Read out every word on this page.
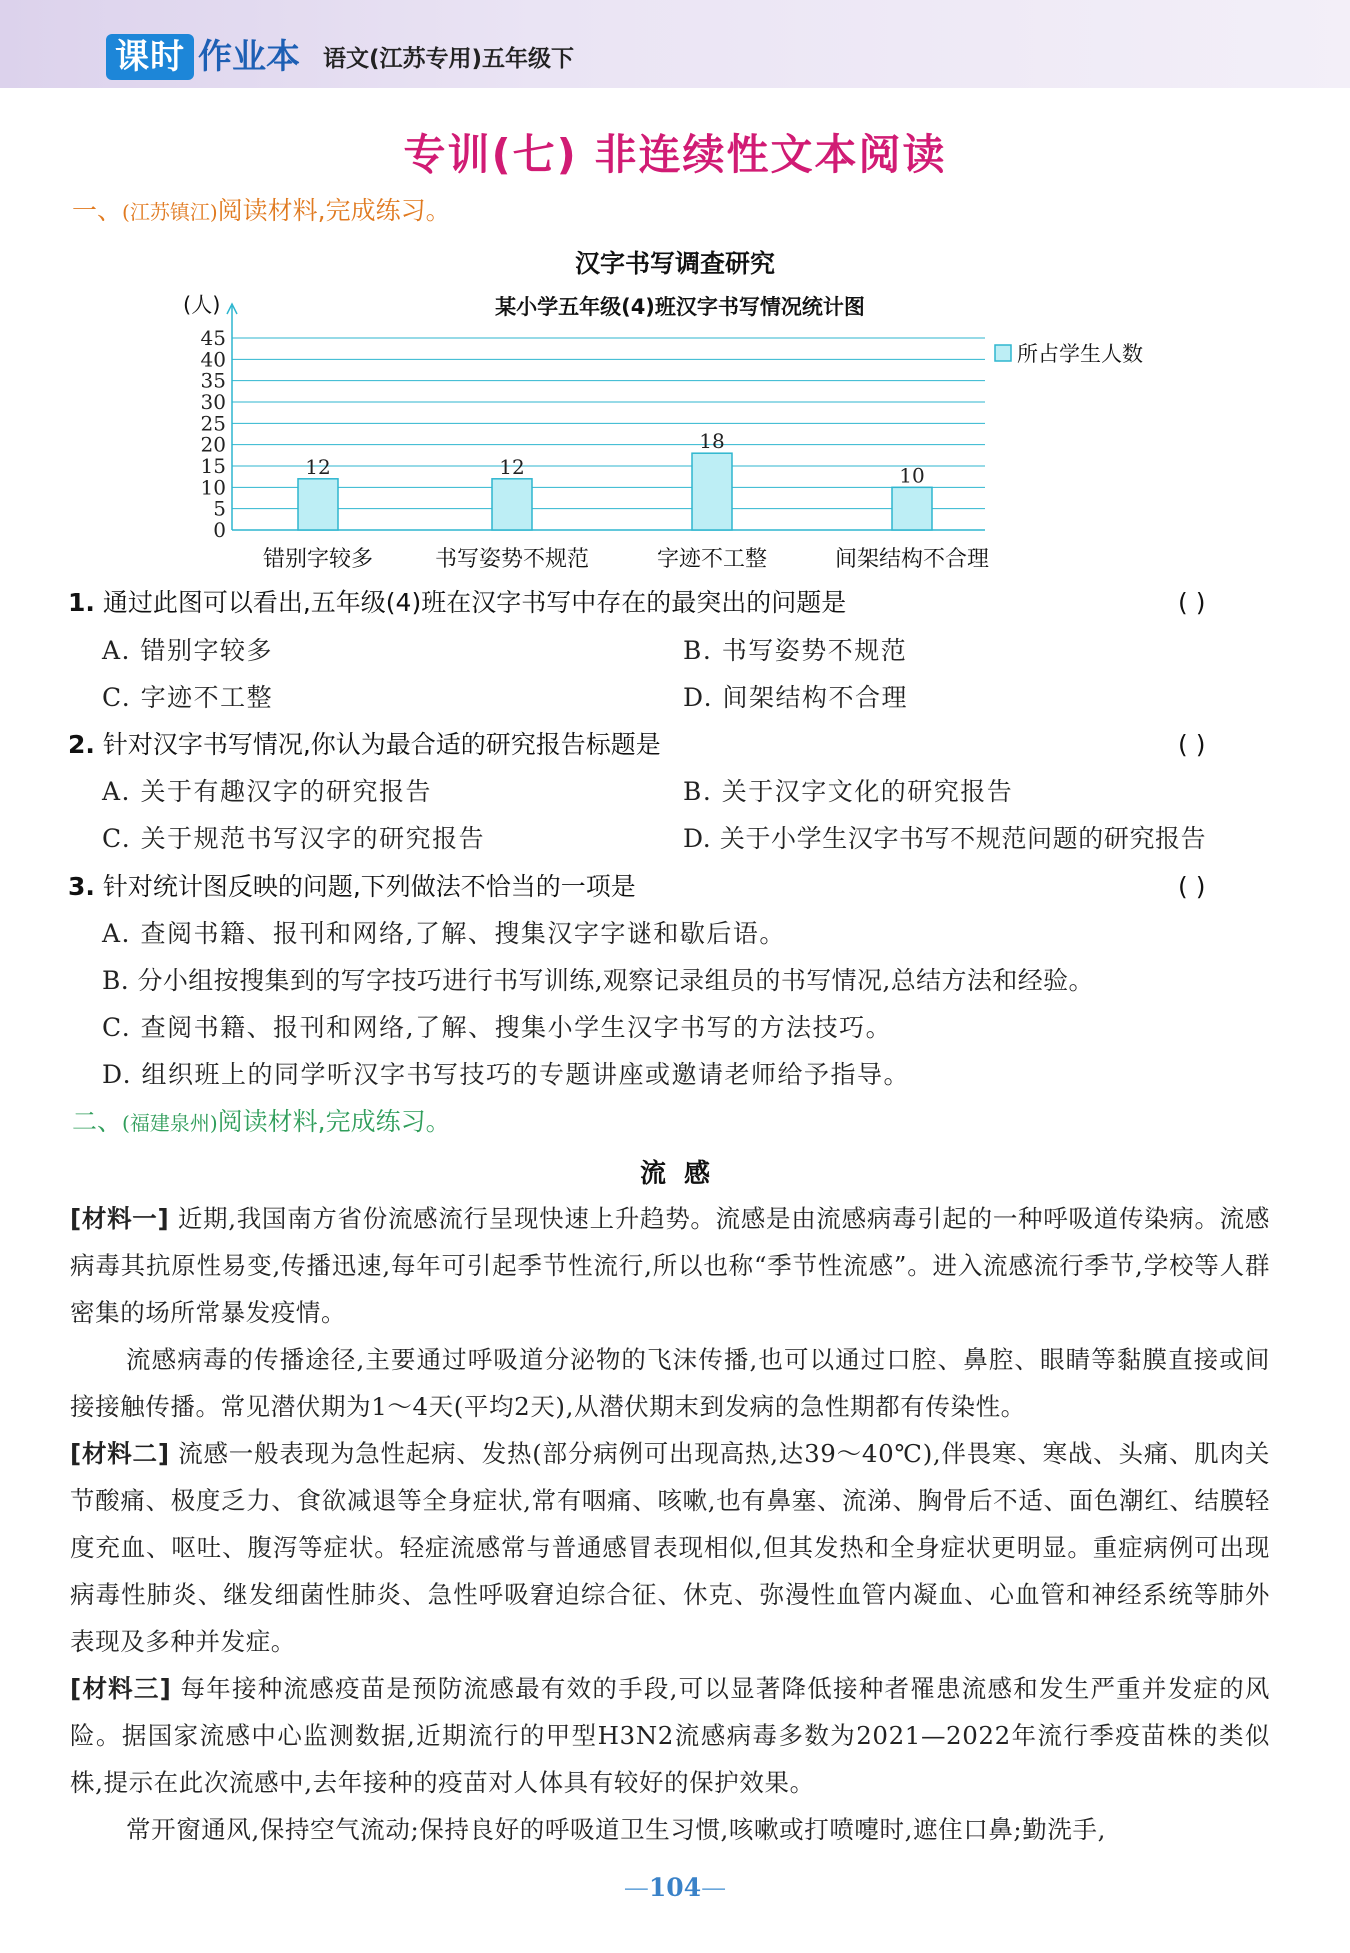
课时 作业本 语文(江苏专用)五年级下
专训(七) 非连续性文本阅读
一、(江苏镇江)阅读材料,完成练习。
汉字书写调查研究
某小学五年级(4)班汉字书写情况统计图
(人)
0
5
10
15
20
25
30
35
40
45
12	12
18
10
错别字较多	书写姿势不规范	字迹不工整	间架结构不合理
所占学生人数
1. 通过此图可以看出,五年级(4)班在汉字书写中存在的最突出的问题是	( )
A. 错别字较多	B. 书写姿势不规范
C. 字迹不工整	D. 间架结构不合理
2. 针对汉字书写情况,你认为最合适的研究报告标题是	( )
A. 关于有趣汉字的研究报告	B. 关于汉字文化的研究报告
C. 关于规范书写汉字的研究报告	D. 关于小学生汉字书写不规范问题的研究报告
3. 针对统计图反映的问题,下列做法不恰当的一项是	( )
A. 查阅书籍、报刊和网络,了解、搜集汉字字谜和歇后语。
B. 分小组按搜集到的写字技巧进行书写训练,观察记录组员的书写情况,总结方法和经验。
C. 查阅书籍、报刊和网络,了解、搜集小学生汉字书写的方法技巧。
D. 组织班上的同学听汉字书写技巧的专题讲座或邀请老师给予指导。
二、(福建泉州)阅读材料,完成练习。
流  感
[材料一] 近期,我国南方省份流感流行呈现快速上升趋势。流感是由流感病毒引起的一种呼吸道传染病。流感病毒其抗原性易变,传播迅速,每年可引起季节性流行,所以也称“季节性流感”。进入流感流行季节,学校等人群密集的场所常暴发疫情。
流感病毒的传播途径,主要通过呼吸道分泌物的飞沫传播,也可以通过口腔、鼻腔、眼睛等黏膜直接或间接接触传播。常见潜伏期为1～4天(平均2天),从潜伏期末到发病的急性期都有传染性。
[材料二] 流感一般表现为急性起病、发热(部分病例可出现高热,达39～40℃),伴畏寒、寒战、头痛、肌肉关节酸痛、极度乏力、食欲减退等全身症状,常有咽痛、咳嗽,也有鼻塞、流涕、胸骨后不适、面色潮红、结膜轻度充血、呕吐、腹泻等症状。轻症流感常与普通感冒表现相似,但其发热和全身症状更明显。重症病例可出现病毒性肺炎、继发细菌性肺炎、急性呼吸窘迫综合征、休克、弥漫性血管内凝血、心血管和神经系统等肺外表现及多种并发症。
[材料三] 每年接种流感疫苗是预防流感最有效的手段,可以显著降低接种者罹患流感和发生严重并发症的风险。据国家流感中心监测数据,近期流行的甲型H3N2流感病毒多数为2021—2022年流行季疫苗株的类似株,提示在此次流感中,去年接种的疫苗对人体具有较好的保护效果。
常开窗通风,保持空气流动;保持良好的呼吸道卫生习惯,咳嗽或打喷嚏时,遮住口鼻;勤洗手,
—104—
